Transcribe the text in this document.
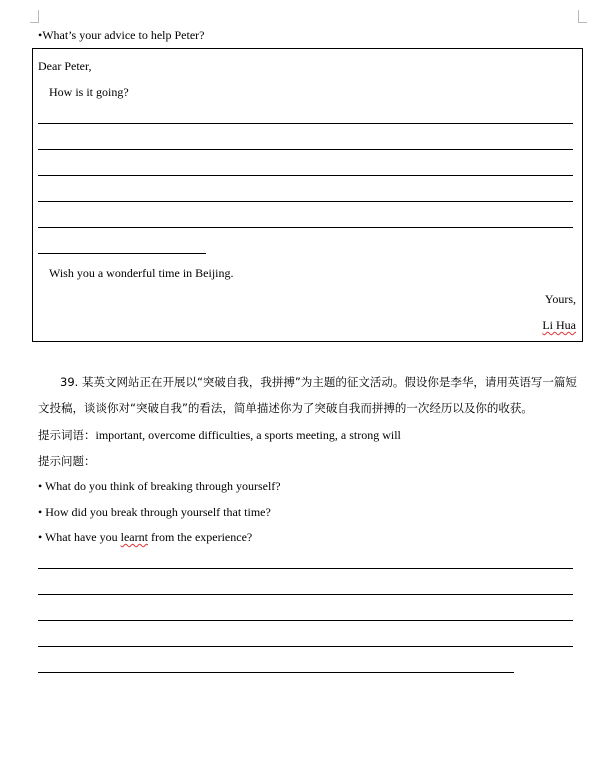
•What’s your advice to help Peter?
Dear Peter,
How is it going?
Wish you a wonderful time in Beijing.
Yours,
Li Hua
39. 某英文网站正在开展以“突破自我，我拼搏”为主题的征文活动。假设你是李华，请用英语写一篇短
文投稿，谈谈你对“突破自我”的看法，简单描述你为了突破自我而拼搏的一次经历以及你的收获。
提示词语：important, overcome difficulties, a sports meeting, a strong will
提示问题：
• What do you think of breaking through yourself?
• How did you break through yourself that time?
• What have you learnt from the experience?
